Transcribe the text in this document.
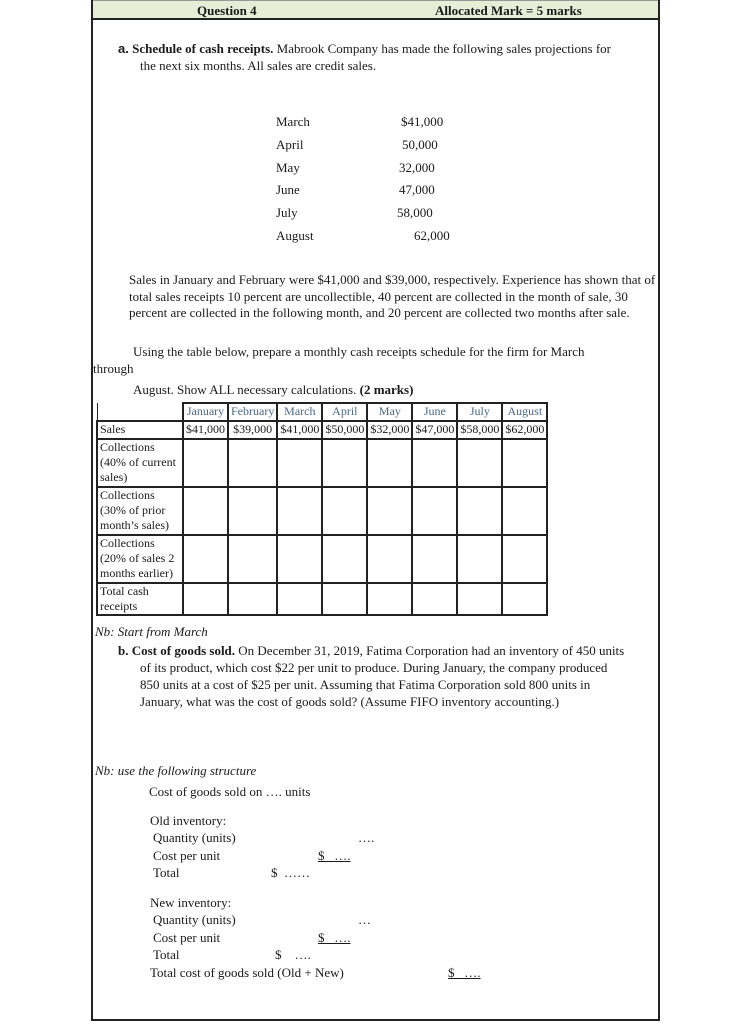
Question 4	Allocated Mark = 5 marks
a. Schedule of cash receipts. Mabrook Company has made the following sales projections for
the next six months. All sales are credit sales.
March	$41,000
April	50,000
May	32,000
June	47,000
July	58,000
August	62,000
Sales in January and February were $41,000 and $39,000, respectively. Experience has shown that of total sales receipts 10 percent are uncollectible, 40 percent are collected in the month of sale, 30 percent are collected in the following month, and 20 percent are collected two months after sale.
Using the table below, prepare a monthly cash receipts schedule for the firm for March
through
August. Show ALL necessary calculations. (2 marks)
	January	February	March	April	May	June	July	August
Sales	$41,000	$39,000	$41,000	$50,000	$32,000	$47,000	$58,000	$62,000
Collections (40% of current sales)								
Collections (30% of prior month’s sales)								
Collections (20% of sales 2 months earlier)								
Total cash receipts								
Nb: Start from March
b. Cost of goods sold. On December 31, 2019, Fatima Corporation had an inventory of 450 units
of its product, which cost $22 per unit to produce. During January, the company produced
850 units at a cost of $25 per unit. Assuming that Fatima Corporation sold 800 units in
January, what was the cost of goods sold? (Assume FIFO inventory accounting.)
Nb: use the following structure
Cost of goods sold on …. units
Old inventory:
Quantity (units)	….
Cost per unit	$   ….
Total	$  ……
New inventory:
Quantity (units)	…
Cost per unit	$   ….
Total	$    ….
Total cost of goods sold (Old + New)	$   ….
